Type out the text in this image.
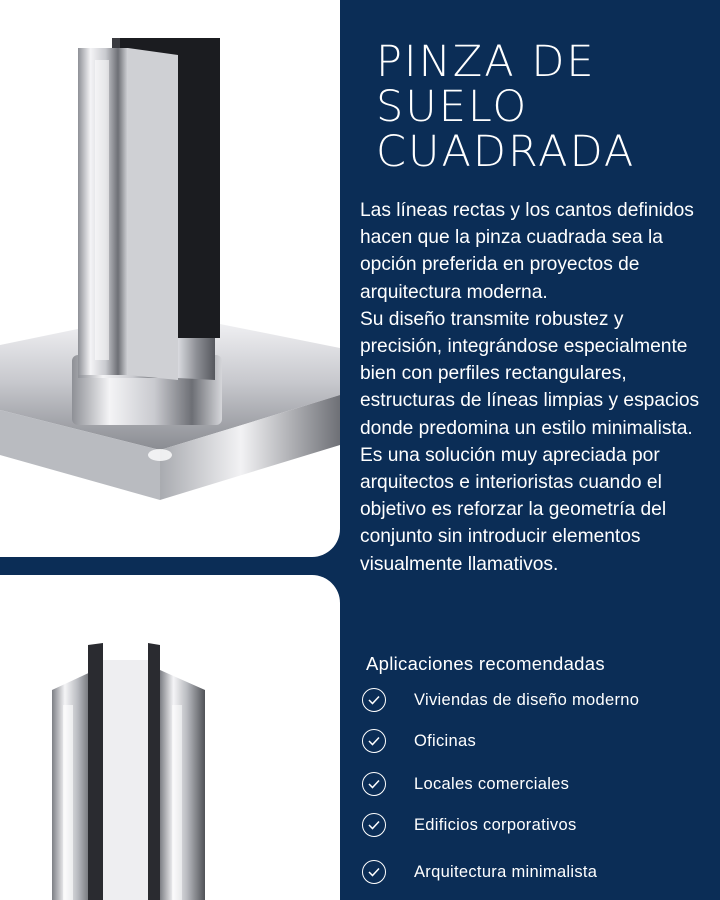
PINZA DE
SUELO
CUADRADA

Las líneas rectas y los cantos definidos hacen que la pinza cuadrada sea la opción preferida en proyectos de arquitectura moderna.

Su diseño transmite robustez y precisión, integrándose especialmente bien con perfiles rectangulares, estructuras de líneas limpias y espacios donde predomina un estilo minimalista.

Es una solución muy apreciada por arquitectos e interioristas cuando el objetivo es reforzar la geometría del conjunto sin introducir elementos visualmente llamativos.

Aplicaciones recomendadas
Viviendas de diseño moderno
Oficinas
Locales comerciales
Edificios corporativos
Arquitectura minimalista
